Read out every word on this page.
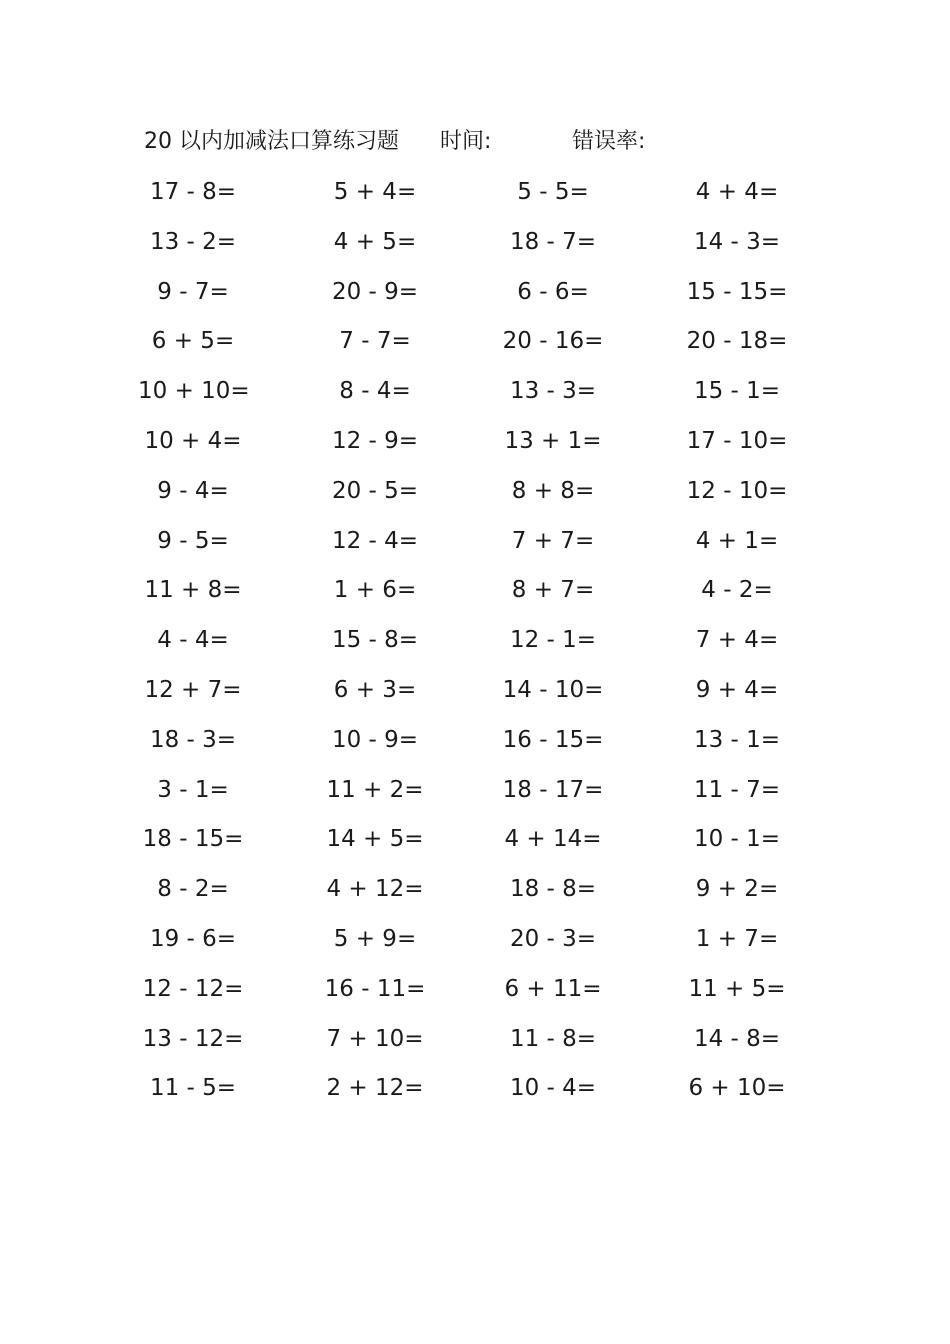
20 以内加减法口算练习题 时间:	错误率:
17 - 8=	5 + 4=	5 - 5=	4 + 4=
13 - 2=	4 + 5=	18 - 7=	14 - 3=
9 - 7=	20 - 9=	6 - 6=	15 - 15=
6 + 5=	7 - 7=	20 - 16=	20 - 18=
10 + 10=	8 - 4=	13 - 3=	15 - 1=
10 + 4=	12 - 9=	13 + 1=	17 - 10=
9 - 4=	20 - 5=	8 + 8=	12 - 10=
9 - 5=	12 - 4=	7 + 7=	4 + 1=
11 + 8=	1 + 6=	8 + 7=	4 - 2=
4 - 4=	15 - 8=	12 - 1=	7 + 4=
12 + 7=	6 + 3=	14 - 10=	9 + 4=
18 - 3=	10 - 9=	16 - 15=	13 - 1=
3 - 1=	11 + 2=	18 - 17=	11 - 7=
18 - 15=	14 + 5=	4 + 14=	10 - 1=
8 - 2=	4 + 12=	18 - 8=	9 + 2=
19 - 6=	5 + 9=	20 - 3=	1 + 7=
12 - 12=	16 - 11=	6 + 11=	11 + 5=
13 - 12=	7 + 10=	11 - 8=	14 - 8=
11 - 5=	2 + 12=	10 - 4=	6 + 10=
